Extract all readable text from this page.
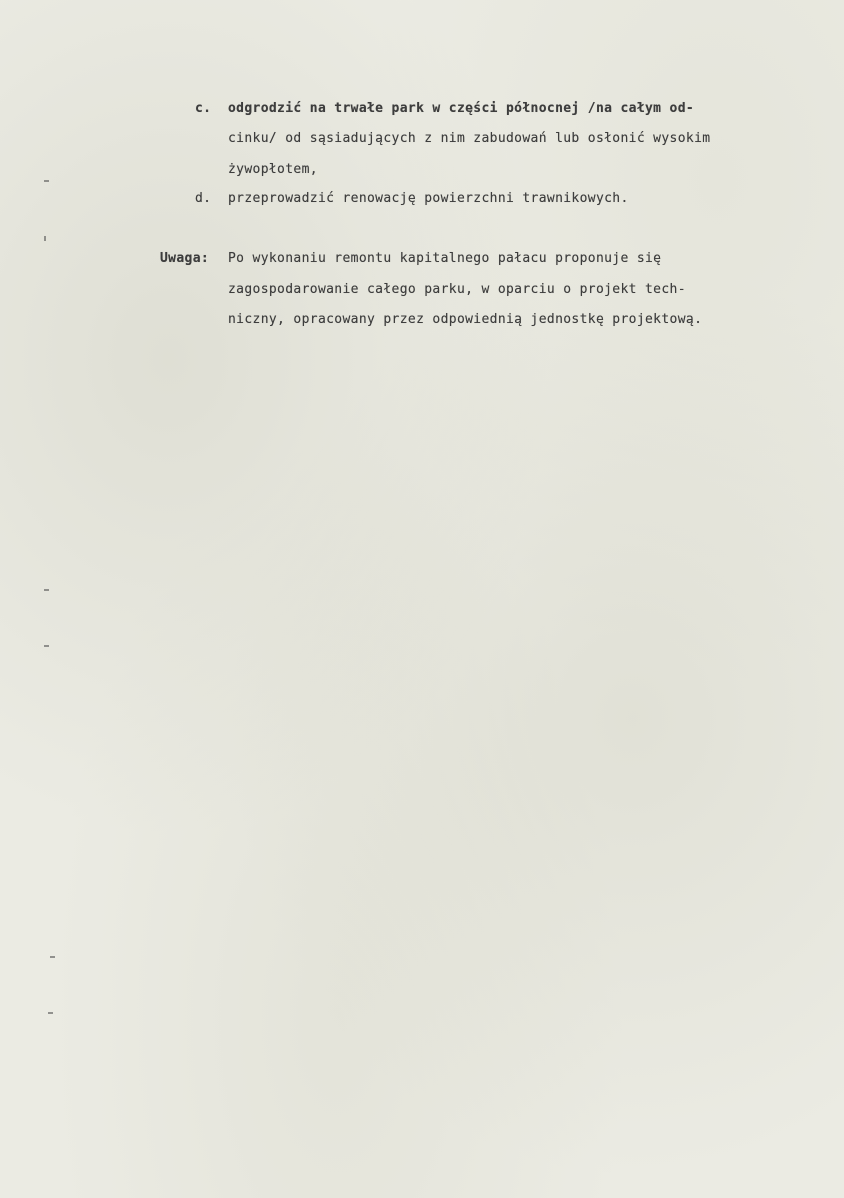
c. odgrodzić na trwałe park w części północnej /na całym od-
cinku/ od sąsiadujących z nim zabudowań lub osłonić wysokim
żywopłotem,
d. przeprowadzić renowację powierzchni trawnikowych.
Uwaga: Po wykonaniu remontu kapitalnego pałacu proponuje się
zagospodarowanie całego parku, w oparciu o projekt tech-
niczny, opracowany przez odpowiednią jednostkę projektową.
